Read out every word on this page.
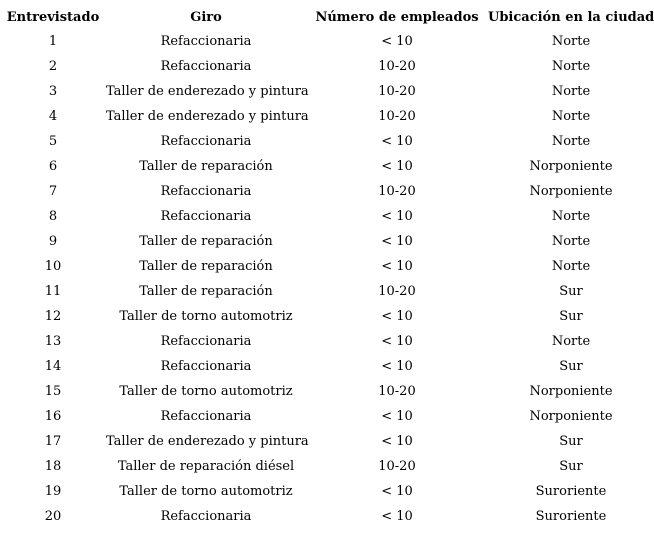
Entrevistado	Giro	Número de empleados	Ubicación en la ciudad
1	Refaccionaria	< 10	Norte
2	Refaccionaria	10-20	Norte
3	Taller de enderezado y pintura	10-20	Norte
4	Taller de enderezado y pintura	10-20	Norte
5	Refaccionaria	< 10	Norte
6	Taller de reparación	< 10	Norponiente
7	Refaccionaria	10-20	Norponiente
8	Refaccionaria	< 10	Norte
9	Taller de reparación	< 10	Norte
10	Taller de reparación	< 10	Norte
11	Taller de reparación	10-20	Sur
12	Taller de torno automotriz	< 10	Sur
13	Refaccionaria	< 10	Norte
14	Refaccionaria	< 10	Sur
15	Taller de torno automotriz	10-20	Norponiente
16	Refaccionaria	< 10	Norponiente
17	Taller de enderezado y pintura	< 10	Sur
18	Taller de reparación diésel	10-20	Sur
19	Taller de torno automotriz	< 10	Suroriente
20	Refaccionaria	< 10	Suroriente
